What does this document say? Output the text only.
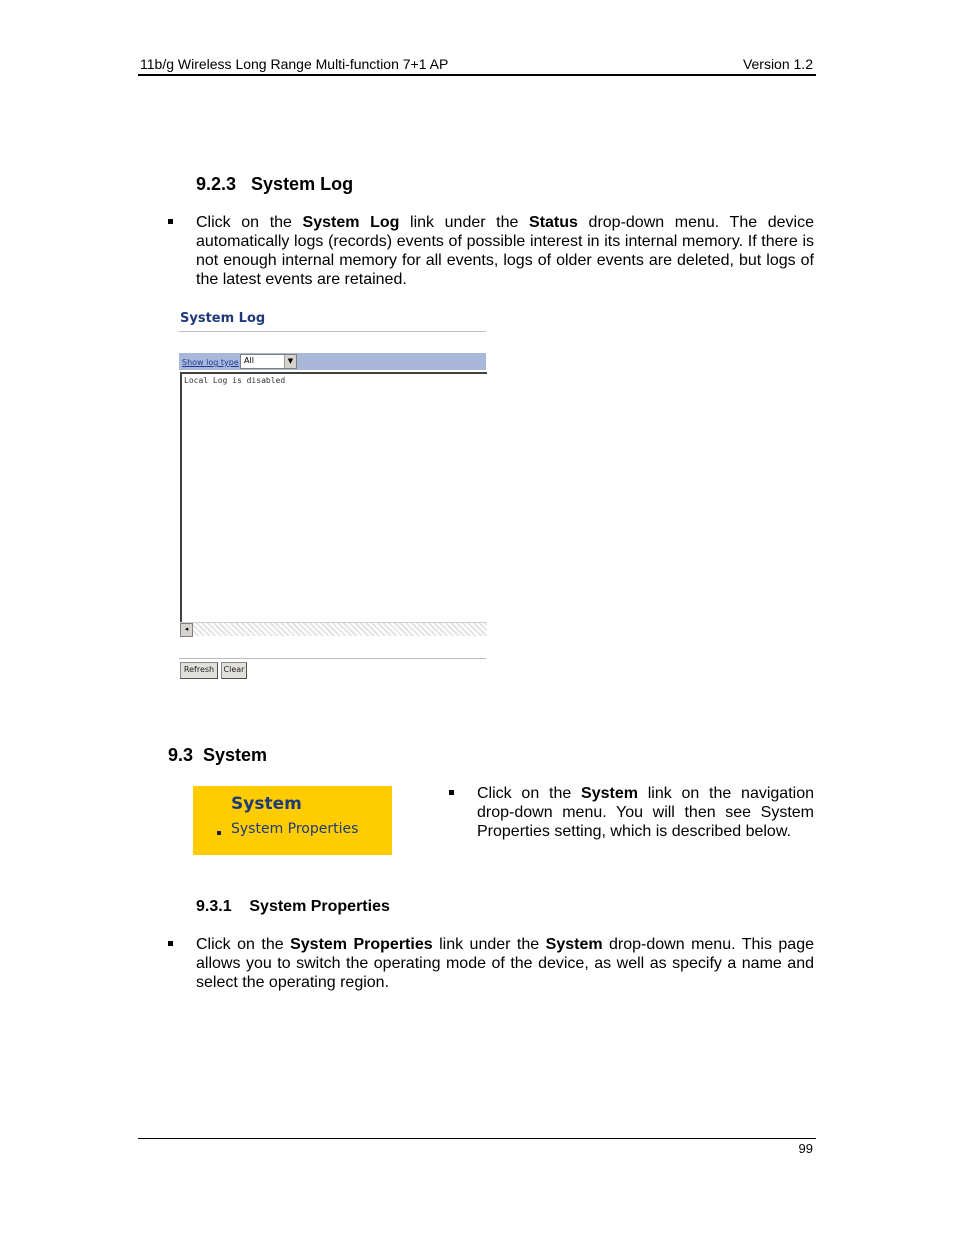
11b/g Wireless Long Range Multi-function 7+1 AP	Version 1.2
9.2.3   System Log
Click on the System Log link under the Status drop-down menu. The device automatically logs (records) events of possible interest in its internal memory. If there is not enough internal memory for all events, logs of older events are deleted, but logs of the latest events are retained.
System Log
Show log type All	▼
Local Log is disabled
◂
Refresh	Clear
9.3  System
System
System Properties
Click on the System link on the navigation drop-down menu. You will then see System Properties setting, which is described below.
9.3.1    System Properties
Click on the System Properties link under the System drop-down menu. This page allows you to switch the operating mode of the device, as well as specify a name and select the operating region.
99
